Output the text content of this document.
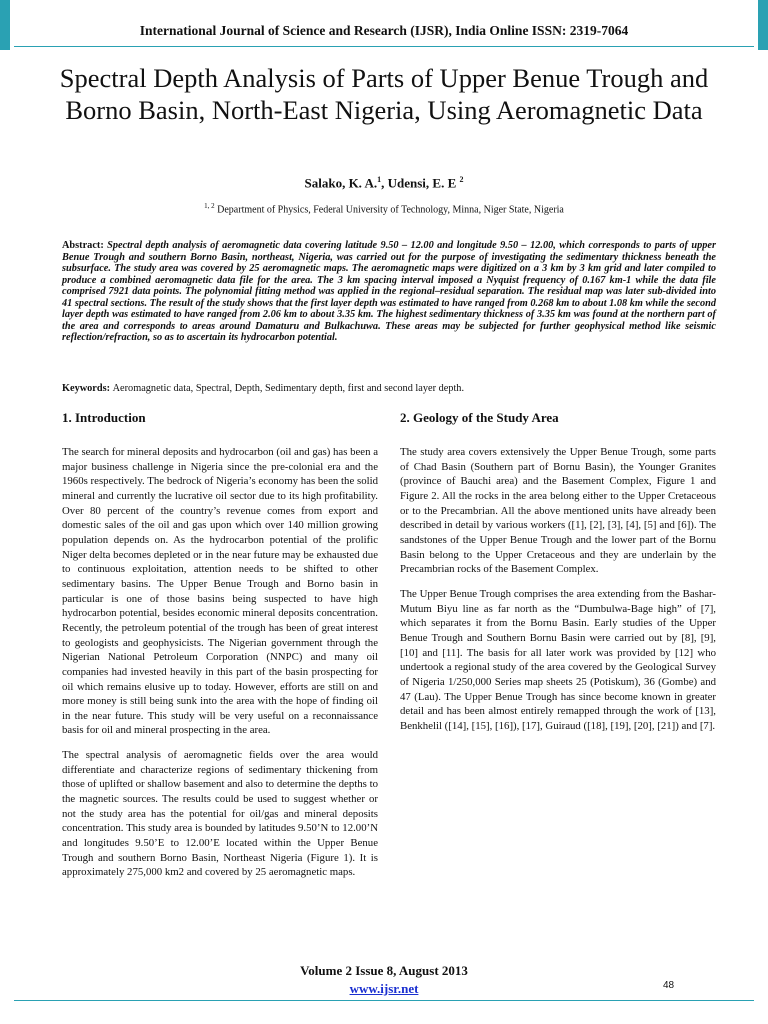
International Journal of Science and Research (IJSR), India Online ISSN: 2319-7064
Spectral Depth Analysis of Parts of Upper Benue Trough and Borno Basin, North-East Nigeria, Using Aeromagnetic Data
Salako, K. A.$^1$, Udensi, E. E $^2$
$^{1, 2}$ Department of Physics, Federal University of Technology, Minna, Niger State, Nigeria

Abstract: Spectral depth analysis of aeromagnetic data covering latitude 9.50 – 12.00 and longitude 9.50 – 12.00, which corresponds to parts of upper Benue Trough and southern Borno Basin, northeast, Nigeria, was carried out for the purpose of investigating the sedimentary thickness beneath the subsurface. The study area was covered by 25 aeromagnetic maps. The aeromagnetic maps were digitized on a 3 km by 3 km grid and later compiled to produce a combined aeromagnetic data file for the area. The 3 km spacing interval imposed a Nyquist frequency of 0.167 km-1 while the data file comprised 7921 data points. The polynomial fitting method was applied in the regional–residual separation. The residual map was later sub-divided into 41 spectral sections. The result of the study shows that the first layer depth was estimated to have ranged from 0.268 km to about 1.08 km while the second layer depth was estimated to have ranged from 2.06 km to about 3.35 km. The highest sedimentary thickness of 3.35 km was found at the northern part of the area and corresponds to areas around Damaturu and Bulkachuwa. These areas may be subjected for further geophysical method like seismic reflection/refraction, so as to ascertain its hydrocarbon potential.

Keywords: Aeromagnetic data, Spectral, Depth, Sedimentary depth, first and second layer depth.

1. Introduction

The search for mineral deposits and hydrocarbon (oil and gas) has been a major business challenge in Nigeria since the pre-colonial era and the 1960s respectively. The bedrock of Nigeria’s economy has been the solid mineral and currently the lucrative oil sector due to its high profitability. Over 80 percent of the country’s revenue comes from export and domestic sales of the oil and gas upon which over 140 million growing population depends on. As the hydrocarbon potential of the prolific Niger delta becomes depleted or in the near future may be exhausted due to continuous exploitation, attention needs to be shifted to other sedimentary basins. The Upper Benue Trough and Borno basin in particular is one of those basins being suspected to have high hydrocarbon potential, besides economic mineral deposits concentration. Recently, the petroleum potential of the trough has been of great interest to geologists and geophysicists. The Nigerian government through the Nigerian National Petroleum Corporation (NNPC) and many oil companies had invested heavily in this part of the basin prospecting for oil which remains elusive up to today. However, efforts are still on and more money is still being sunk into the area with the hope of finding oil in the near future. This study will be very useful on a reconnaissance basis for oil and mineral prospecting in the area.

The spectral analysis of aeromagnetic fields over the area would differentiate and characterize regions of sedimentary thickening from those of uplifted or shallow basement and also to determine the depths to the magnetic sources. The results could be used to suggest whether or not the study area has the potential for oil/gas and mineral deposits concentration. This study area is bounded by latitudes 9.50’N to 12.00’N and longitudes 9.50’E to 12.00’E located within the Upper Benue Trough and southern Borno Basin, Northeast Nigeria (Figure 1). It is approximately 275,000 km2 and covered by 25 aeromagnetic maps.

2. Geology of the Study Area

The study area covers extensively the Upper Benue Trough, some parts of Chad Basin (Southern part of Bornu Basin), the Younger Granites (province of Bauchi area) and the Basement Complex, Figure 1 and Figure 2. All the rocks in the area belong either to the Upper Cretaceous or to the Precambrian. All the above mentioned units have already been described in detail by various workers ([1], [2], [3], [4], [5] and [6]). The sandstones of the Upper Benue Trough and the lower part of the Bornu Basin belong to the Upper Cretaceous and they are underlain by the Precambrian rocks of the Basement Complex.

The Upper Benue Trough comprises the area extending from the Bashar-Mutum Biyu line as far north as the “Dumbulwa-Bage high” of [7], which separates it from the Bornu Basin. Early studies of the Upper Benue Trough and Southern Bornu Basin were carried out by [8], [9], [10] and [11]. The basis for all later work was provided by [12] who undertook a regional study of the area covered by the Geological Survey of Nigeria 1/250,000 Series map sheets 25 (Potiskum), 36 (Gombe) and 47 (Lau). The Upper Benue Trough has since become known in greater detail and has been almost entirely remapped through the work of [13], Benkhelil ([14], [15], [16]), [17], Guiraud ([18], [19], [20], [21]) and [7].

Volume 2 Issue 8, August 2013
www.ijsr.net	48
